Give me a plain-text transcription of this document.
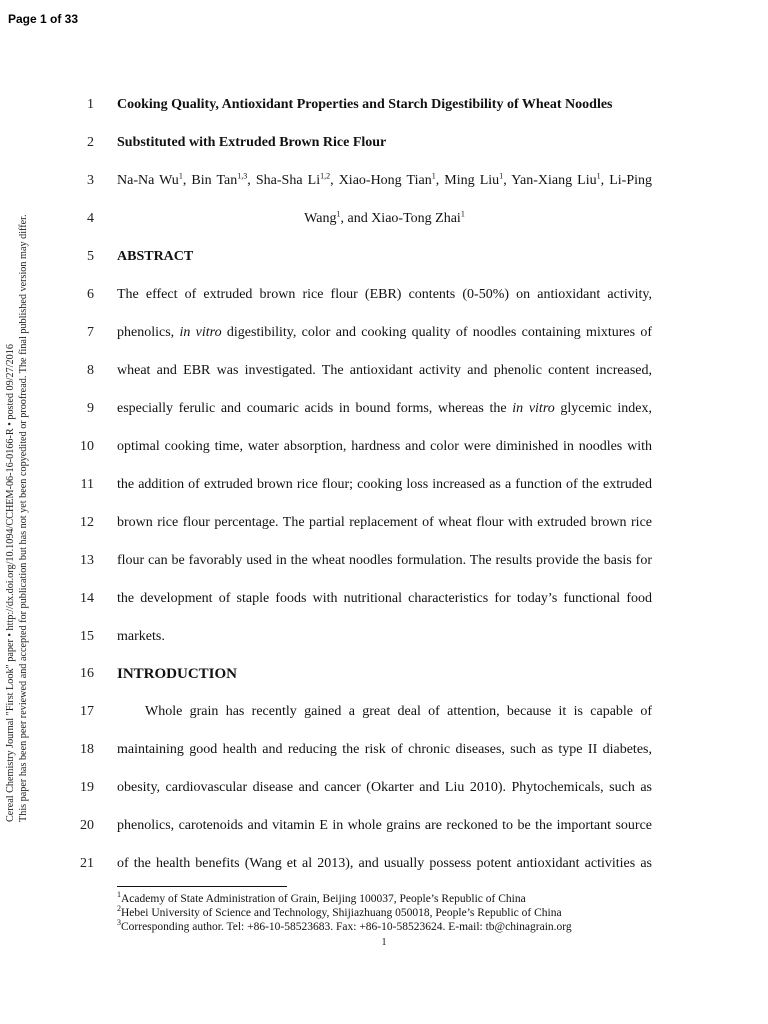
Page 1 of 33
Cereal Chemistry Journal "First Look" paper • http://dx.doi.org/10.1094/CCHEM-06-16-0166-R • posted 09/27/2016 This paper has been peer reviewed and accepted for publication but has not yet been copyedited or proofread. The final published version may differ.
1 Cooking Quality, Antioxidant Properties and Starch Digestibility of Wheat Noodles
2 Substituted with Extruded Brown Rice Flour
3 Na-Na Wu$^1$, Bin Tan$^{1,3}$, Sha-Sha Li$^{1,2}$, Xiao-Hong Tian$^1$, Ming Liu$^1$, Yan-Xiang Liu$^1$, Li-Ping
4	Wang$^1$, and Xiao-Tong Zhai$^1$
5 ABSTRACT
6 The effect of extruded brown rice flour (EBR) contents (0-50%) on antioxidant activity,
7 phenolics, in vitro digestibility, color and cooking quality of noodles containing mixtures of
8 wheat and EBR was investigated. The antioxidant activity and phenolic content increased,
9 especially ferulic and coumaric acids in bound forms, whereas the in vitro glycemic index,
10 optimal cooking time, water absorption, hardness and color were diminished in noodles with
11 the addition of extruded brown rice flour; cooking loss increased as a function of the extruded
12 brown rice flour percentage. The partial replacement of wheat flour with extruded brown rice
13 flour can be favorably used in the wheat noodles formulation. The results provide the basis for
14 the development of staple foods with nutritional characteristics for today’s functional food
15 markets.
16 INTRODUCTION
17	Whole grain has recently gained a great deal of attention, because it is capable of
18 maintaining good health and reducing the risk of chronic diseases, such as type II diabetes,
19 obesity, cardiovascular disease and cancer (Okarter and Liu 2010). Phytochemicals, such as
20 phenolics, carotenoids and vitamin E in whole grains are reckoned to be the important source
21 of the health benefits (Wang et al 2013), and usually possess potent antioxidant activities as
$^1$Academy of State Administration of Grain, Beijing 100037, People’s Republic of China
$^2$Hebei University of Science and Technology, Shijiazhuang 050018, People’s Republic of China
$^3$Corresponding author. Tel: +86-10-58523683. Fax: +86-10-58523624. E-mail: tb@chinagrain.org
1
